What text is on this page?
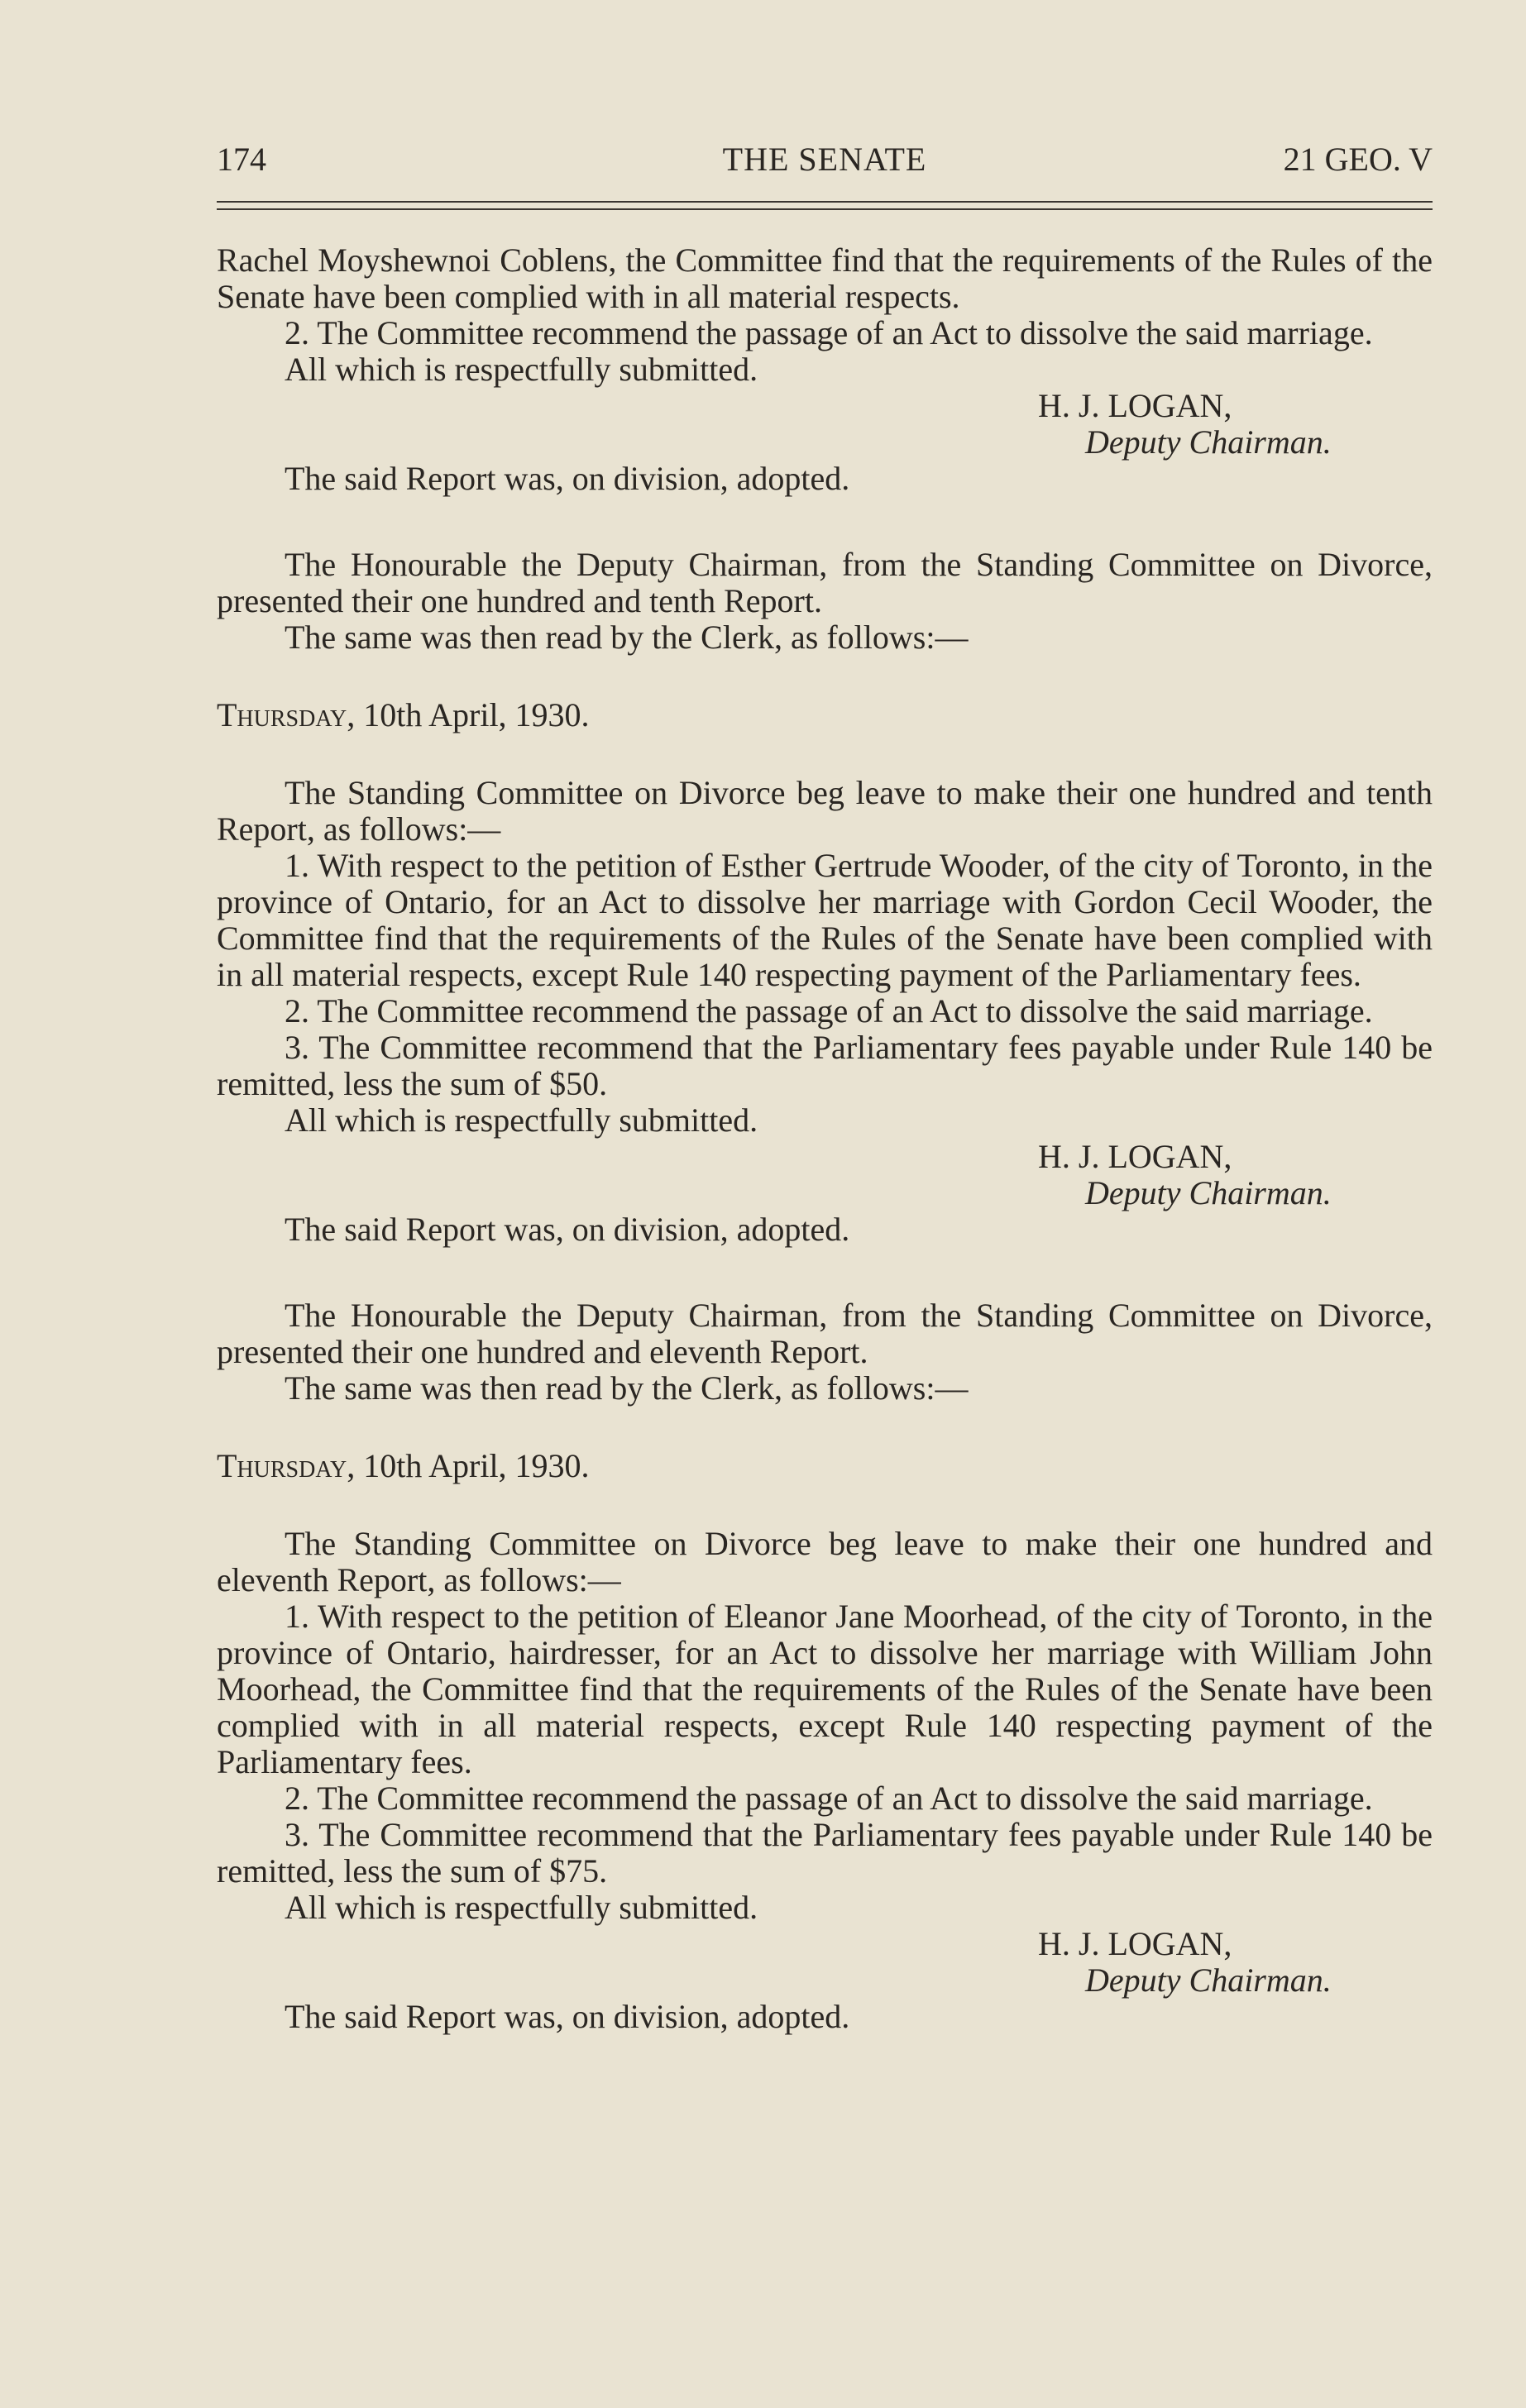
174	THE SENATE	21 GEO. V

Rachel Moyshewnoi Coblens, the Committee find that the requirements of the Rules of the Senate have been complied with in all material respects.

2. The Committee recommend the passage of an Act to dissolve the said marriage.

All which is respectfully submitted.

H. J. LOGAN,

Deputy Chairman.

The said Report was, on division, adopted.

The Honourable the Deputy Chairman, from the Standing Committee on Divorce, presented their one hundred and tenth Report.

The same was then read by the Clerk, as follows:—

Thursday, 10th April, 1930.

The Standing Committee on Divorce beg leave to make their one hundred and tenth Report, as follows:—

1. With respect to the petition of Esther Gertrude Wooder, of the city of Toronto, in the province of Ontario, for an Act to dissolve her marriage with Gordon Cecil Wooder, the Committee find that the requirements of the Rules of the Senate have been complied with in all material respects, except Rule 140 respecting payment of the Parliamentary fees.

2. The Committee recommend the passage of an Act to dissolve the said marriage.

3. The Committee recommend that the Parliamentary fees payable under Rule 140 be remitted, less the sum of $50.

All which is respectfully submitted.

H. J. LOGAN,

Deputy Chairman.

The said Report was, on division, adopted.

The Honourable the Deputy Chairman, from the Standing Committee on Divorce, presented their one hundred and eleventh Report.

The same was then read by the Clerk, as follows:—

Thursday, 10th April, 1930.

The Standing Committee on Divorce beg leave to make their one hundred and eleventh Report, as follows:—

1. With respect to the petition of Eleanor Jane Moorhead, of the city of Toronto, in the province of Ontario, hairdresser, for an Act to dissolve her marriage with William John Moorhead, the Committee find that the requirements of the Rules of the Senate have been complied with in all material respects, except Rule 140 respecting payment of the Parliamentary fees.

2. The Committee recommend the passage of an Act to dissolve the said marriage.

3. The Committee recommend that the Parliamentary fees payable under Rule 140 be remitted, less the sum of $75.

All which is respectfully submitted.

H. J. LOGAN,

Deputy Chairman.

The said Report was, on division, adopted.
